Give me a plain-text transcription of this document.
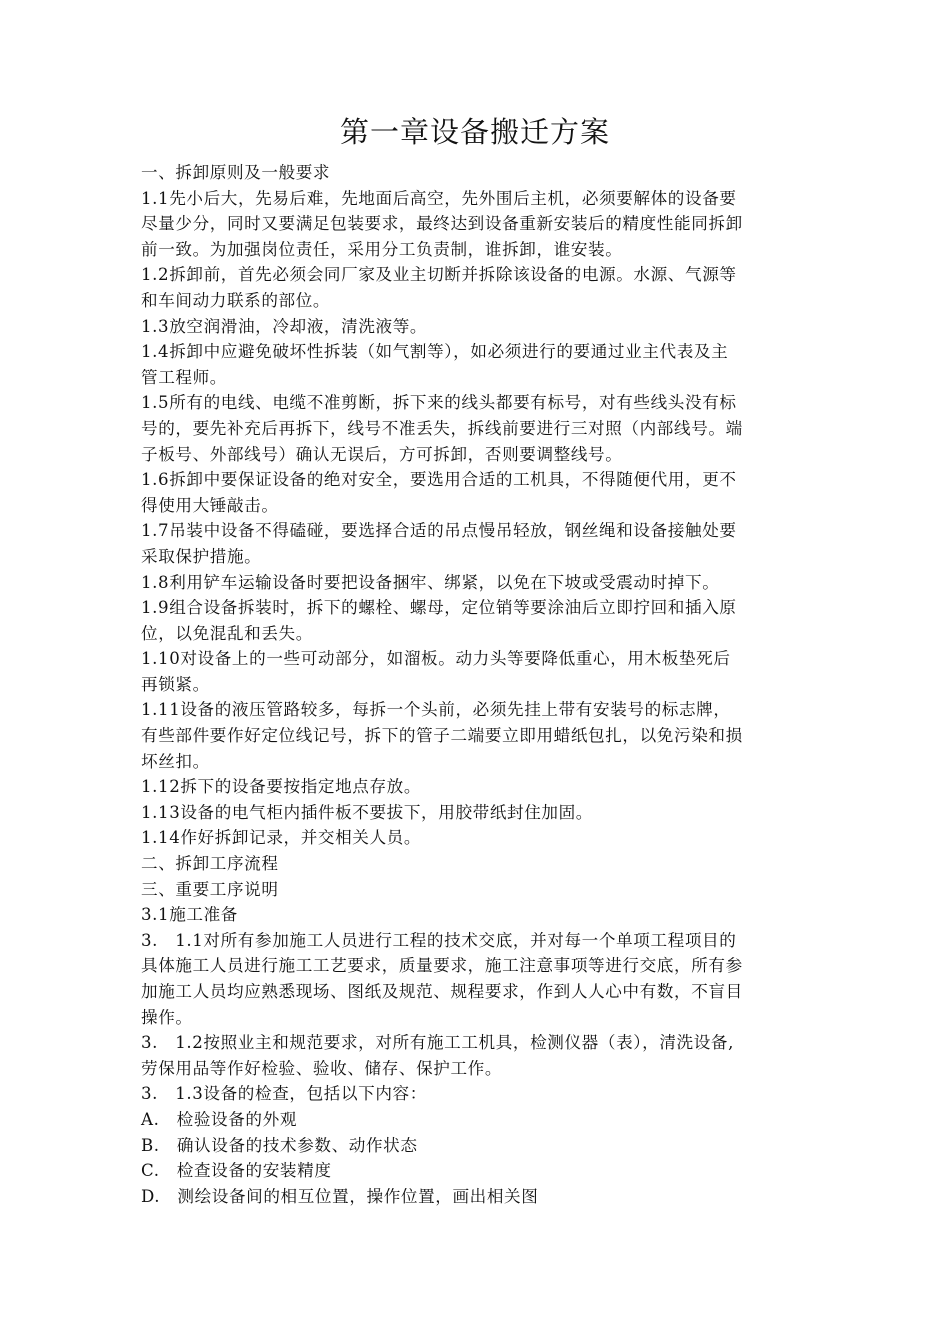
第一章设备搬迁方案
一、拆卸原则及一般要求
1.1先小后大，先易后难，先地面后高空，先外围后主机，必须要解体的设备要
尽量少分，同时又要满足包装要求，最终达到设备重新安装后的精度性能同拆卸
前一致。为加强岗位责任，采用分工负责制，谁拆卸，谁安装。
1.2拆卸前，首先必须会同厂家及业主切断并拆除该设备的电源。水源、气源等
和车间动力联系的部位。
1.3放空润滑油，冷却液，清洗液等。
1.4拆卸中应避免破坏性拆装（如气割等），如必须进行的要通过业主代表及主
管工程师。
1.5所有的电线、电缆不准剪断，拆下来的线头都要有标号，对有些线头没有标
号的，要先补充后再拆下，线号不准丢失，拆线前要进行三对照（内部线号。端
子板号、外部线号）确认无误后，方可拆卸，否则要调整线号。
1.6拆卸中要保证设备的绝对安全，要选用合适的工机具，不得随便代用，更不
得使用大锤敲击。
1.7吊装中设备不得磕碰，要选择合适的吊点慢吊轻放，钢丝绳和设备接触处要
采取保护措施。
1.8利用铲车运输设备时要把设备捆牢、绑紧，以免在下坡或受震动时掉下。
1.9组合设备拆装时，拆下的螺栓、螺母，定位销等要涂油后立即拧回和插入原
位，以免混乱和丢失。
1.10对设备上的一些可动部分，如溜板。动力头等要降低重心，用木板垫死后
再锁紧。
1.11设备的液压管路较多，每拆一个头前，必须先挂上带有安装号的标志牌，
有些部件要作好定位线记号，拆下的管子二端要立即用蜡纸包扎，以免污染和损
坏丝扣。
1.12拆下的设备要按指定地点存放。
1.13设备的电气柜内插件板不要拔下，用胶带纸封住加固。
1.14作好拆卸记录，并交相关人员。
二、拆卸工序流程
三、重要工序说明
3.1施工准备
3.　1.1对所有参加施工人员进行工程的技术交底，并对每一个单项工程项目的
具体施工人员进行施工工艺要求，质量要求，施工注意事项等进行交底，所有参
加施工人员均应熟悉现场、图纸及规范、规程要求，作到人人心中有数，不盲目
操作。
3.　1.2按照业主和规范要求，对所有施工工机具，检测仪器（表），清洗设备,
劳保用品等作好检验、验收、储存、保护工作。
3.　1.3设备的检查，包括以下内容：
A.　检验设备的外观
B.　确认设备的技术参数、动作状态
C.　检查设备的安装精度
D.　测绘设备间的相互位置，操作位置，画出相关图
